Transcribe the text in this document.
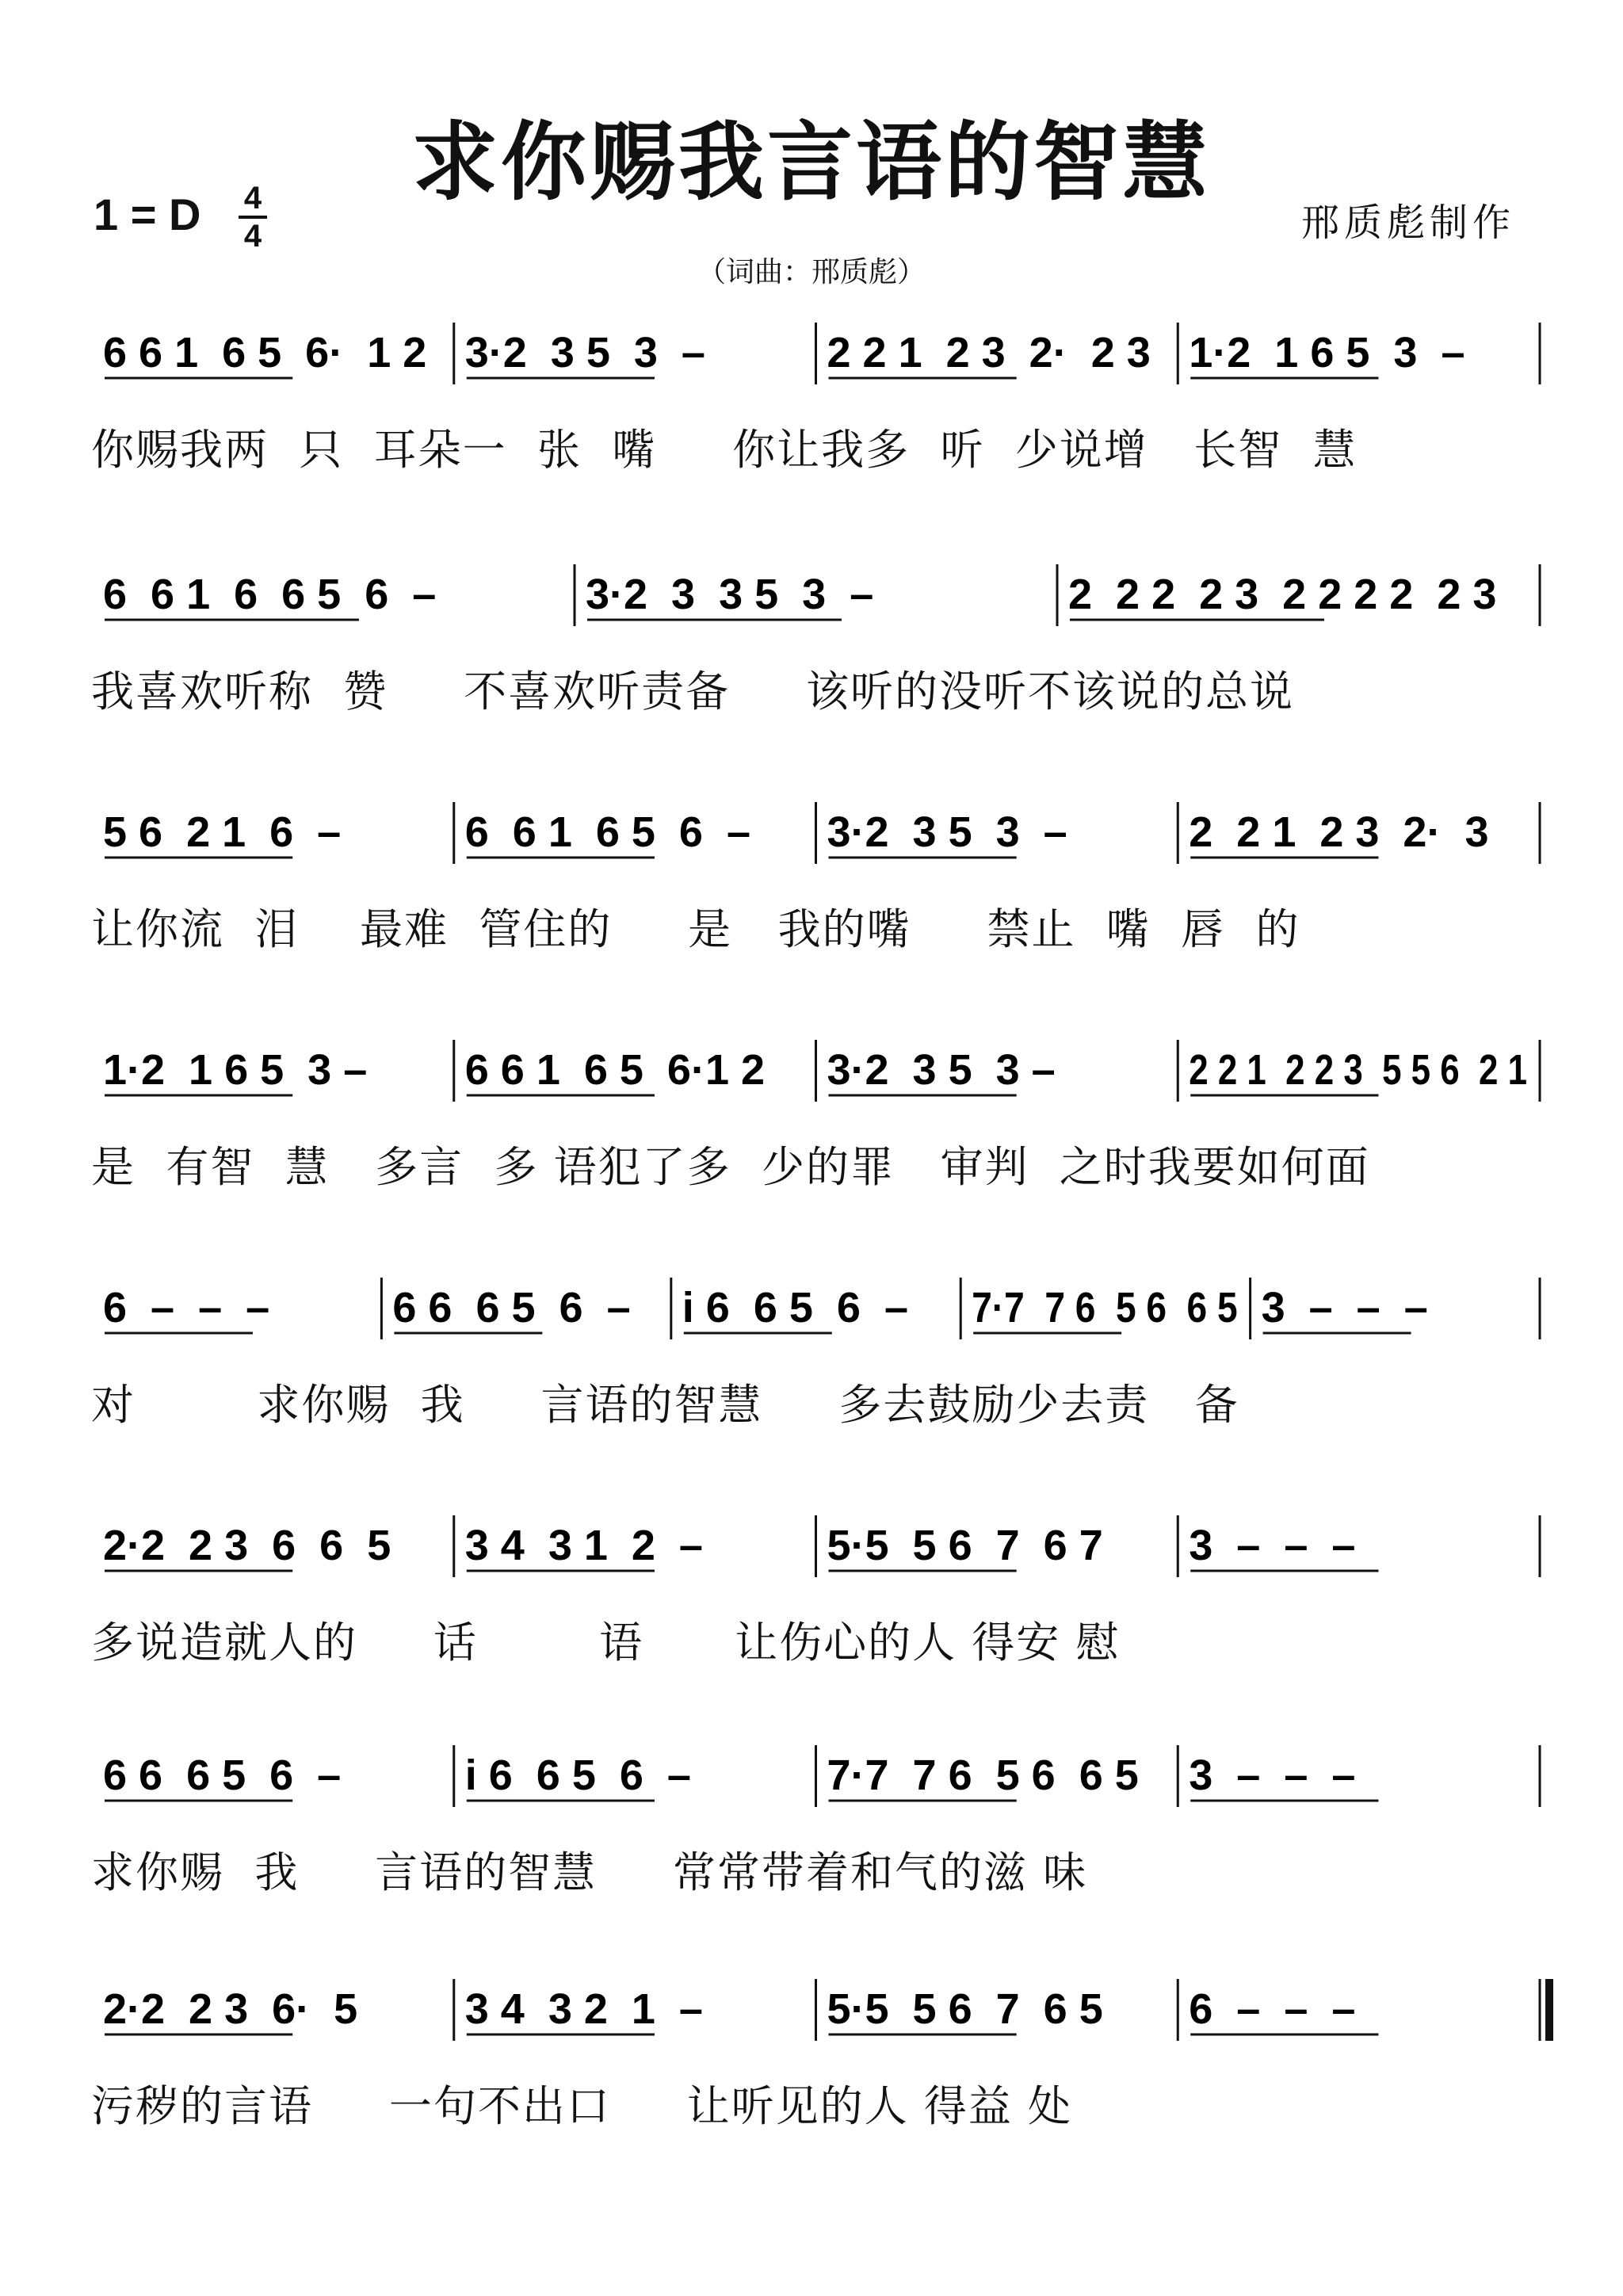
求你赐我言语的智慧
1 = D	4
4	邢质彪制作
（词曲：邢质彪）
6 6 1  6 5  6·  1 2 3·2  3 5  3  –	2 2 1  2 3  2·  2 3 1·2  1 6 5  3  –
你赐我两  只  耳朵一  张  嘴     你让我多  听  少说增   长智  慧
6  6 1  6  6 5  6  –	3·2  3  3 5  3  –	2  2 2  2 3  2 2 2 2  2 3
我喜欢听称  赞     不喜欢听责备     该听的没听不该说的总说
5 6  2 1  6  –	6  6 1  6 5  6  – 3·2  3 5  3  –	2  2 1  2 3  2·  3
让你流  泪    最难  管住的     是   我的嘴     禁止  嘴  唇  的
1·2  1 6 5  3 – 6 6 1  6 5  6·1 2 3·2  3 5  3 –	2 2 1  2 2 3  5 5 6  2 1
是  有智  慧   多言  多 语犯了多  少的罪   审判  之时我要如何面
6  –  –  –	6 6  6 5  6  – i 6  6 5  6  – 7·7  7 6  5 6  6 5 3  –  –  –
对        求你赐  我     言语的智慧     多去鼓励少去责   备
2·2  2 3  6  6  5 3 4  3 1  2  –	5·5  5 6  7  6 7 3  –  –  –
多说造就人的     话        语      让伤心的人 得安 慰
6 6  6 5  6  –	i 6  6 5  6  –	7·7  7 6  5 6  6 5 3  –  –  –
求你赐  我     言语的智慧     常常带着和气的滋 味
2·2  2 3  6·  5	3 4  3 2  1  –	5·5  5 6  7  6 5 6  –  –  –
污秽的言语     一句不出口     让听见的人 得益 处
